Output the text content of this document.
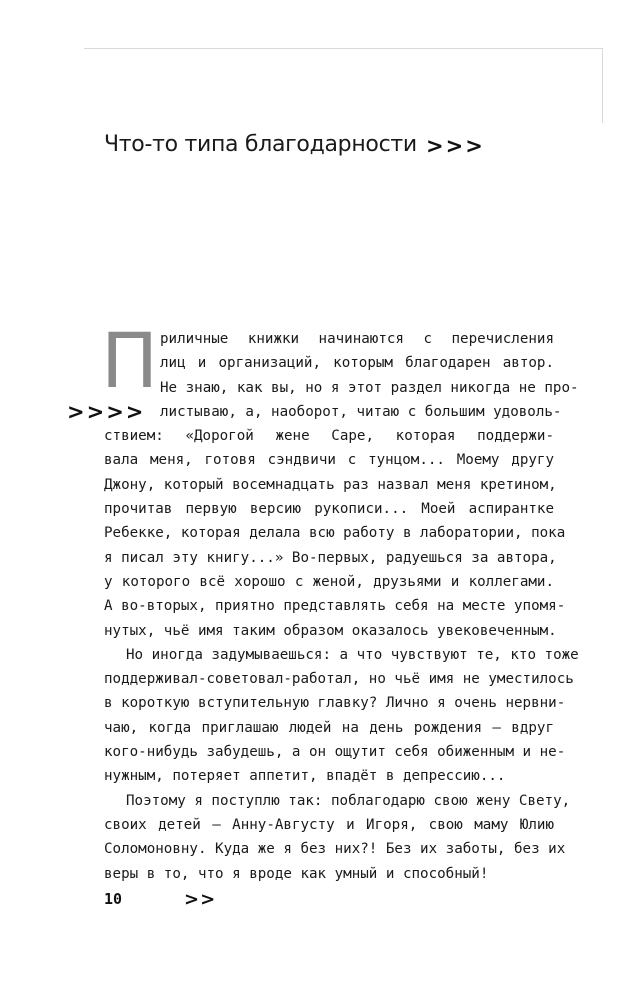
Что-то типа благодарности >>>
П
>>>>
риличные книжки начинаются с перечисления
лиц и организаций, которым благодарен автор.
Не знаю, как вы, но я этот раздел никогда не про-
листываю, а, наоборот, читаю с большим удоволь-
ствием: «Дорогой жене Саре, которая поддержи-
вала меня, готовя сэндвичи с тунцом... Моему другу
Джону, который восемнадцать раз назвал меня кретином,
прочитав первую версию рукописи... Моей аспирантке
Ребекке, которая делала всю работу в лаборатории, пока
я писал эту книгу...» Во-первых, радуешься за автора,
у которого всё хорошо с женой, друзьями и коллегами.
А во-вторых, приятно представлять себя на месте упомя-
нутых, чьё имя таким образом оказалось увековеченным.
Но иногда задумываешься: а что чувствуют те, кто тоже
поддерживал-советовал-работал, но чьё имя не уместилось
в короткую вступительную главку? Лично я очень нервни-
чаю, когда приглашаю людей на день рождения — вдруг
кого-нибудь забудешь, а он ощутит себя обиженным и не-
нужным, потеряет аппетит, впадёт в депрессию...
Поэтому я поступлю так: поблагодарю свою жену Свету,
своих детей — Анну-Августу и Игоря, свою маму Юлию
Соломоновну. Куда же я без них?! Без их заботы, без их
веры в то, что я вроде как умный и способный!
10	>>
